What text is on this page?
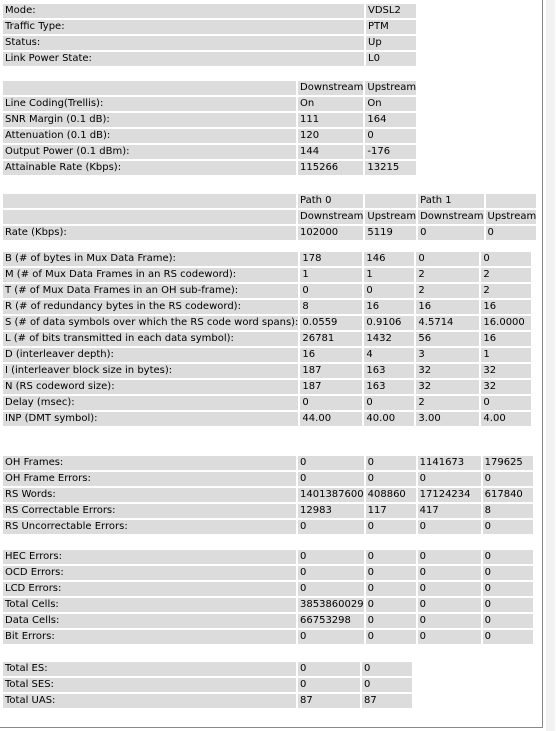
Mode:	VDSL2
Traffic Type:	PTM
Status:	Up
Link Power State:	L0
	Downstream	Upstream
Line Coding(Trellis):	On	On
SNR Margin (0.1 dB):	111	164
Attenuation (0.1 dB):	120	0
Output Power (0.1 dBm):	144	-176
Attainable Rate (Kbps):	115266	13215
	Path 0		Path 1	
	Downstream	Upstream	Downstream	Upstream
Rate (Kbps):	102000	5119	0	0
B (# of bytes in Mux Data Frame):	178	146	0	0
M (# of Mux Data Frames in an RS codeword):	1	1	2	2
T (# of Mux Data Frames in an OH sub-frame):	0	0	2	2
R (# of redundancy bytes in the RS codeword):	8	16	16	16
S (# of data symbols over which the RS code word spans):	0.0559	0.9106	4.5714	16.0000
L (# of bits transmitted in each data symbol):	26781	1432	56	16
D (interleaver depth):	16	4	3	1
I (interleaver block size in bytes):	187	163	32	32
N (RS codeword size):	187	163	32	32
Delay (msec):	0	0	2	0
INP (DMT symbol):	44.00	40.00	3.00	4.00
OH Frames:	0	0	1141673	179625
OH Frame Errors:	0	0	0	0
RS Words:	1401387600	408860	17124234	617840
RS Correctable Errors:	12983	117	417	8
RS Uncorrectable Errors:	0	0	0	0
HEC Errors:	0	0	0	0
OCD Errors:	0	0	0	0
LCD Errors:	0	0	0	0
Total Cells:	3853860029	0	0	0
Data Cells:	66753298	0	0	0
Bit Errors:	0	0	0	0
Total ES:	0	0
Total SES:	0	0
Total UAS:	87	87
